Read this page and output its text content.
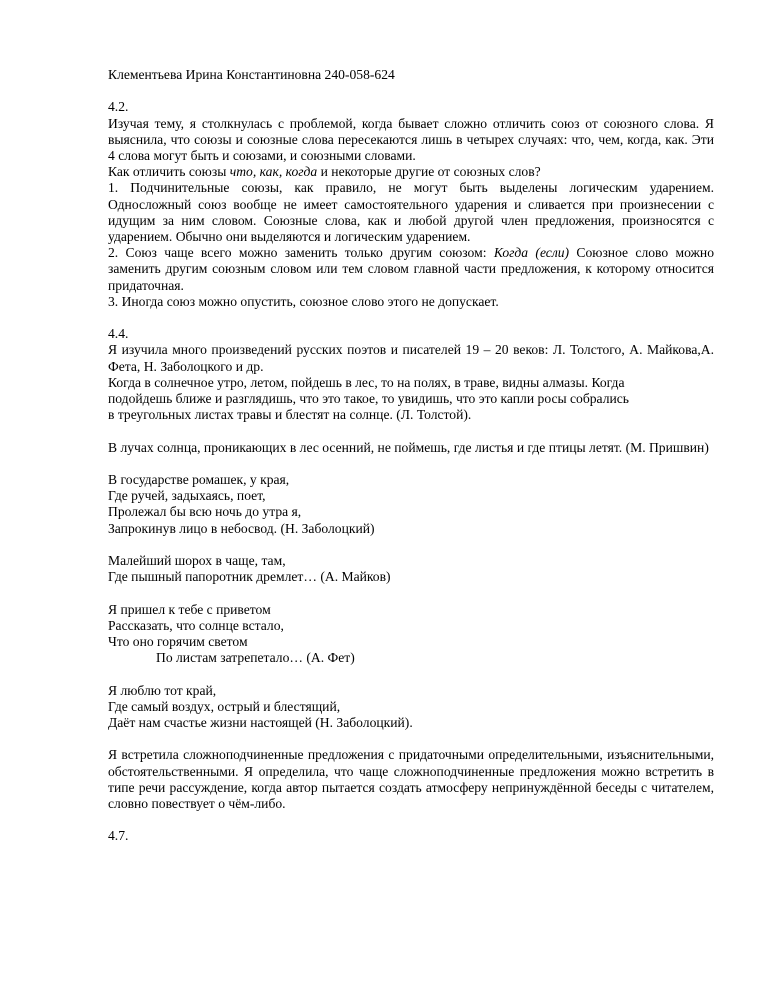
Клементьева Ирина Константиновна 240-058-624

4.2.

Изучая тему, я столкнулась с проблемой, когда бывает сложно отличить союз от союзного слова. Я выяснила, что союзы и союзные слова пересекаются лишь в четырех случаях: что, чем, когда, как. Эти 4 слова могут быть и союзами, и союзными словами.

Как отличить союзы что, как, когда и некоторые другие от союзных слов?

1. Подчинительные союзы, как правило, не могут быть выделены логическим ударением. Односложный союз вообще не имеет самостоятельного ударения и сливается при произнесении с идущим за ним словом. Союзные слова, как и любой другой член предложения, произносятся с ударением. Обычно они выделяются и логическим ударением.

2. Союз чаще всего можно заменить только другим союзом: Когда (если) Союзное слово можно заменить другим союзным словом или тем словом главной части предложения, к которому относится придаточная.

3. Иногда союз можно опустить, союзное слово этого не допускает.

4.4.

Я изучила много произведений русских поэтов и писателей 19 – 20 веков: Л. Толстого, А. Майкова,А. Фета, Н. Заболоцкого и др.

Когда в солнечное утро, летом, пойдешь в лес, то на полях, в траве, видны алмазы. Когда
подойдешь ближе и разглядишь, что это такое, то увидишь, что это капли росы собрались
в треугольных листах травы и блестят на солнце. (Л. Толстой).

В лучах солнца, проникающих в лес осенний, не поймешь, где листья и где птицы летят. (М. Пришвин)

В государстве ромашек, у края,
Где ручей, задыхаясь, поет,
Пролежал бы всю ночь до утра я,
Запрокинув лицо в небосвод. (Н. Заболоцкий)
Малейший шорох в чаще, там,
Где пышный папоротник дремлет… (А. Майков)
Я пришел к тебе с приветом
Рассказать, что солнце встало,
Что оно горячим светом
По листам затрепетало… (А. Фет)
Я люблю тот край,
Где самый воздух, острый и блестящий,
Даёт нам счастье жизни настоящей (Н. Заболоцкий).

Я встретила сложноподчиненные предложения с придаточными определительными, изъяснительными, обстоятельственными. Я определила, что чаще сложноподчиненные предложения можно встретить в типе речи рассуждение, когда автор пытается создать атмосферу непринуждённой беседы с читателем, словно повествует о чём-либо.

4.7.
